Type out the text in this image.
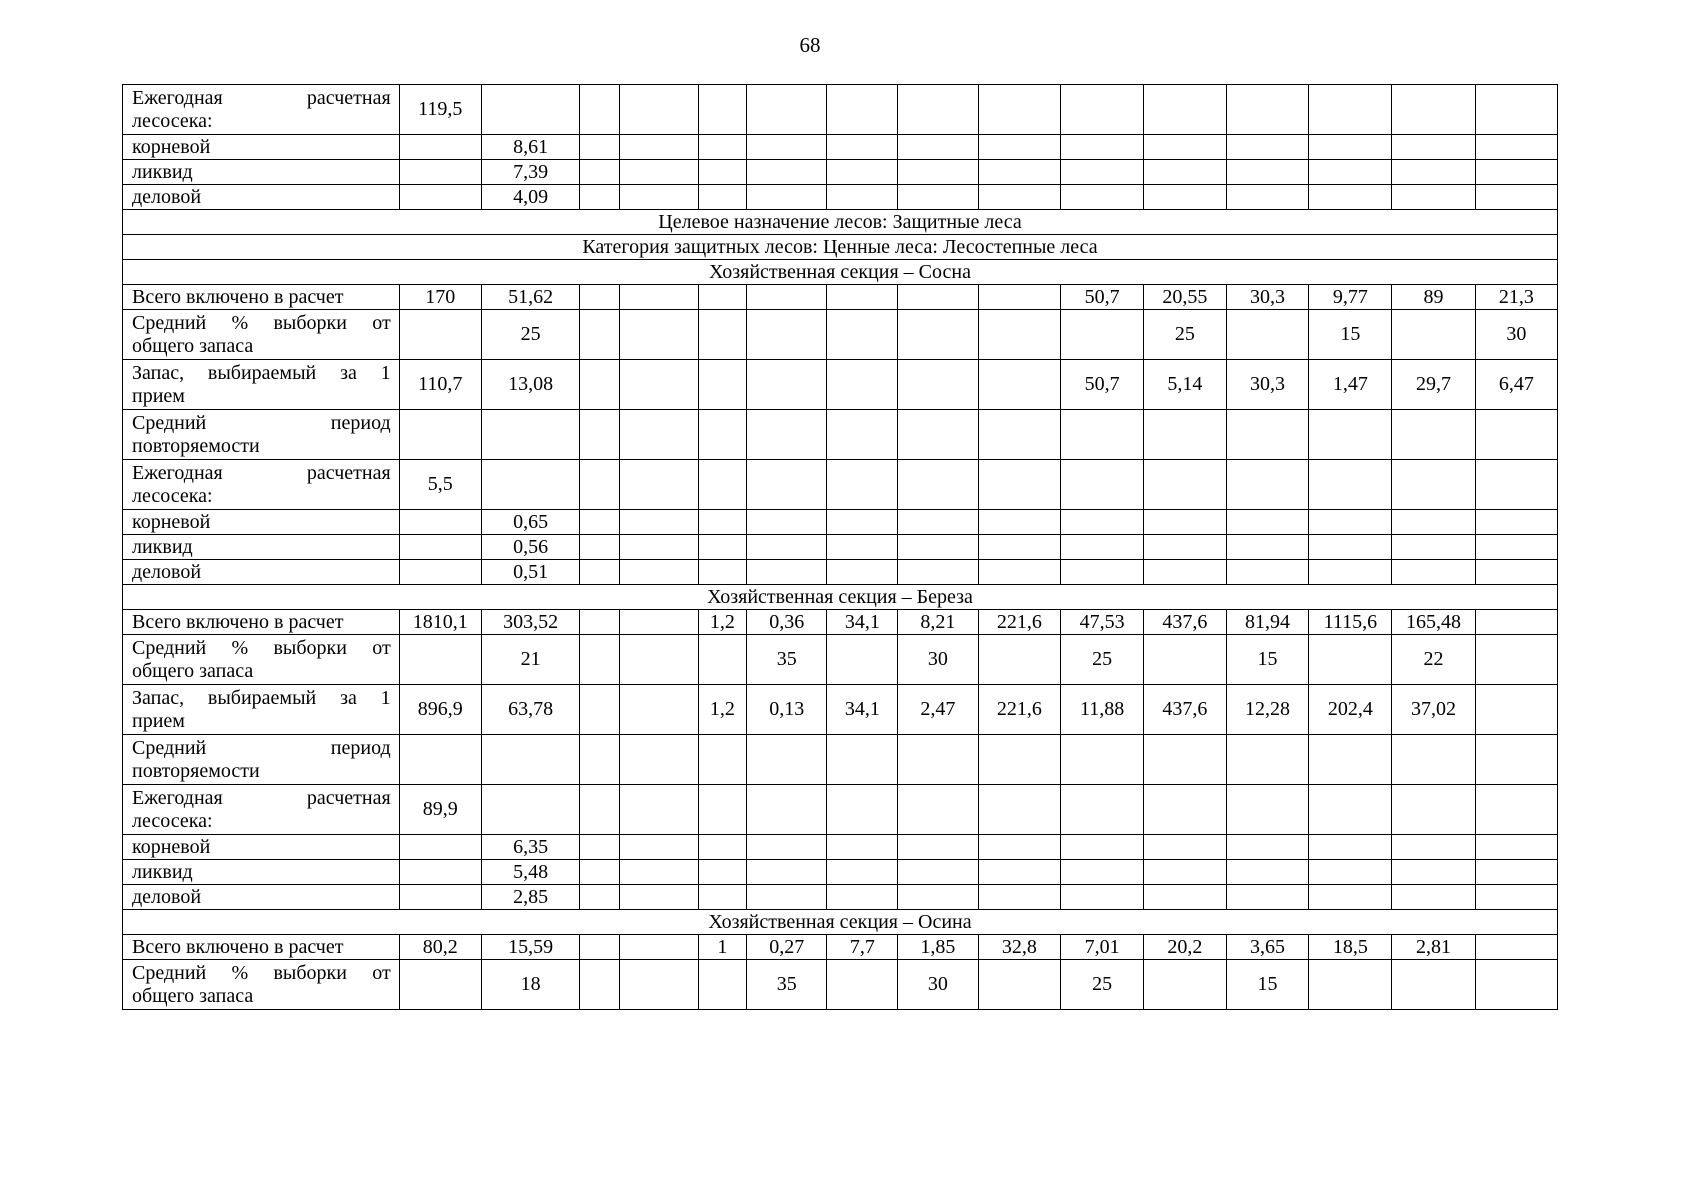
68
Ежегодная расчетная лесосека:	119,5														
корневой		8,61													
ликвид		7,39													
деловой		4,09													
Целевое назначение лесов: Защитные леса															
Категория защитных лесов: Ценные леса: Лесостепные леса															
Хозяйственная секция – Сосна															
Всего включено в расчет	170	51,62								50,7	20,55	30,3	9,77	89	21,3
Средний % выборки от общего запаса		25									25		15		30
Запас, выбираемый за 1 прием	110,7	13,08								50,7	5,14	30,3	1,47	29,7	6,47
Средний период повторяемости															
Ежегодная расчетная лесосека:	5,5														
корневой		0,65													
ликвид		0,56													
деловой		0,51													
Хозяйственная секция – Береза															
Всего включено в расчет	1810,1	303,52			1,2	0,36	34,1	8,21	221,6	47,53	437,6	81,94	1115,6	165,48	
Средний % выборки от общего запаса		21				35		30		25		15		22	
Запас, выбираемый за 1 прием	896,9	63,78			1,2	0,13	34,1	2,47	221,6	11,88	437,6	12,28	202,4	37,02	
Средний период повторяемости															
Ежегодная расчетная лесосека:	89,9														
корневой		6,35													
ликвид		5,48													
деловой		2,85													
Хозяйственная секция – Осина															
Всего включено в расчет	80,2	15,59			1	0,27	7,7	1,85	32,8	7,01	20,2	3,65	18,5	2,81	
Средний % выборки от общего запаса		18				35		30		25		15			
